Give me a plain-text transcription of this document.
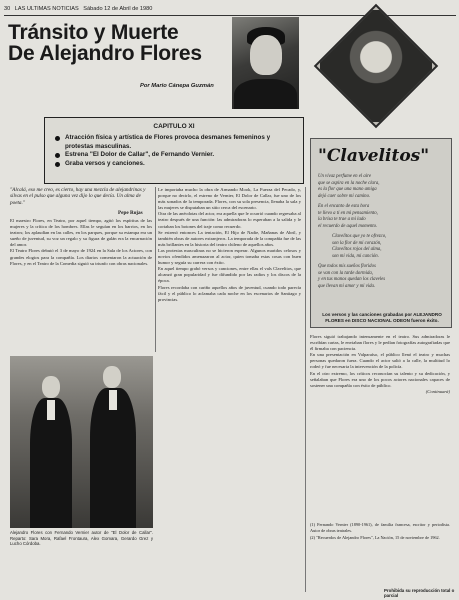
30 LAS ULTIMAS NOTICIAS Sábado 12 de Abril de 1980
Tránsito y Muerte
De Alejandro Flores
Por Mario Cánepa Guzmán
CAPITULO XI
Atracción física y artística de Flores provoca desmanes femeninos y protestas masculinas.
Estrena "El Dolor de Callar", de Fernando Vernier.
Graba versos y canciones.
"Alcalá, eso me creo, es cierto, hay una mezcla de alejandrinas y silvas en el pulso que alguna vez dijo lo que decía. Un alma de poeta."
Pepe Rojas

El maestro Flores, en Teatro, por aquel tiempo, agitó los espíritus de las mujeres y la crítica de los hombres. Ellas le seguían en los barrios, en los teatros; los aplaudían en las calles, en los parques, porque su estampa era un sueño de juventud, su voz un regalo y su figura de galán era la encarnación del amor.

El Teatro Flores debutó el 3 de mayo de 1924 en la Sala de los Actores, con grandes elogios para la compañía. Los diarios comentaron la actuación de Flores, y en el Teatro de la Comedia siguió su triunfo con obras nacionales.

Alejandro Flores con Fernando Vernier autor de "El Dolor de Callar". Reparto: Sara Mora, Rafael Frontaura, Alex Gomara, Gerardo Grez y Lucho Córdoba.

Le importaba mucho la obra de Armando Mook, La Fuerza del Pecado, y, porque no decirlo, el estreno de Vernier, El Dolor de Callar, fue uno de los más sonados de la temporada. Flores, con su sola presencia, llenaba la sala y las mujeres se disputaban un sitio cerca del escenario.

Otra de las anécdotas del actor, era aquella que le ocurrió cuando regresaba al teatro después de una función: las admiradoras lo esperaban a la salida y le cortaban los botones del traje como recuerdo.

Se estrenó entonces La tentación, El Hijo de Nadie, Mañanas de Abril, y también obras de autores extranjeros. La temporada de la compañía fue de las más brillantes en la historia del teatro chileno de aquellos años.

Las protestas masculinas no se hicieron esperar. Algunos maridos celosos y novios ofendidos amenazaron al actor, quien tomaba estas cosas con buen humor y seguía su carrera con éxito.

En aquel tiempo grabó versos y canciones, entre ellas el vals Clavelitos, que alcanzó gran popularidad y fue difundido por las radios y los discos de la época.

Flores recordaba con cariño aquellos años de juventud, cuando todo parecía fácil y el público lo aclamaba cada noche en los escenarios de Santiago y provincias.

"Clavelitos"

Un vivaz perfume en el aire
que se aspira en la noche clara,
es la flor que una mano amiga
dejó caer sobre mi camino.

En el encanto de esta hora
te llevo a ti en mi pensamiento,
la brisa te trae a mi lado
el recuerdo de aquel momento.

Clavelitos que yo te ofrezco,
son la flor de mi corazón,
Clavelitos rojos del alma,
son mi vida, mi canción.

Que todos mis sueños floridos
se van con la tarde dormida,
y en tus manos quedan los claveles
que llevan mi amor y mi vida.

Los versos y las canciones grabadas por ALEJANDRO FLORES en DISCO NACIONAL ODEON fueron éxito.

Flores siguió trabajando intensamente en el teatro. Sus admiradoras le escribían cartas, le enviaban flores y le pedían fotografías autografiadas que él firmaba con paciencia.

En una presentación en Valparaíso, el público llenó el teatro y muchas personas quedaron fuera. Cuando el actor salió a la calle, la multitud lo rodeó y fue necesaria la intervención de la policía.

En el otro extremo, los críticos reconocían su talento y su dedicación, y señalaban que Flores era uno de los pocos actores nacionales capaces de sostener una compañía con éxito de público.

(Continuará)

(1) Fernando Vernier (1890-1961), de familia francesa, escritor y periodista. Autor de obras teatrales.

(2) "Recuerdos de Alejandro Flores", La Nación, 15 de noviembre de 1962.

Prohibida su reproducción total o parcial
